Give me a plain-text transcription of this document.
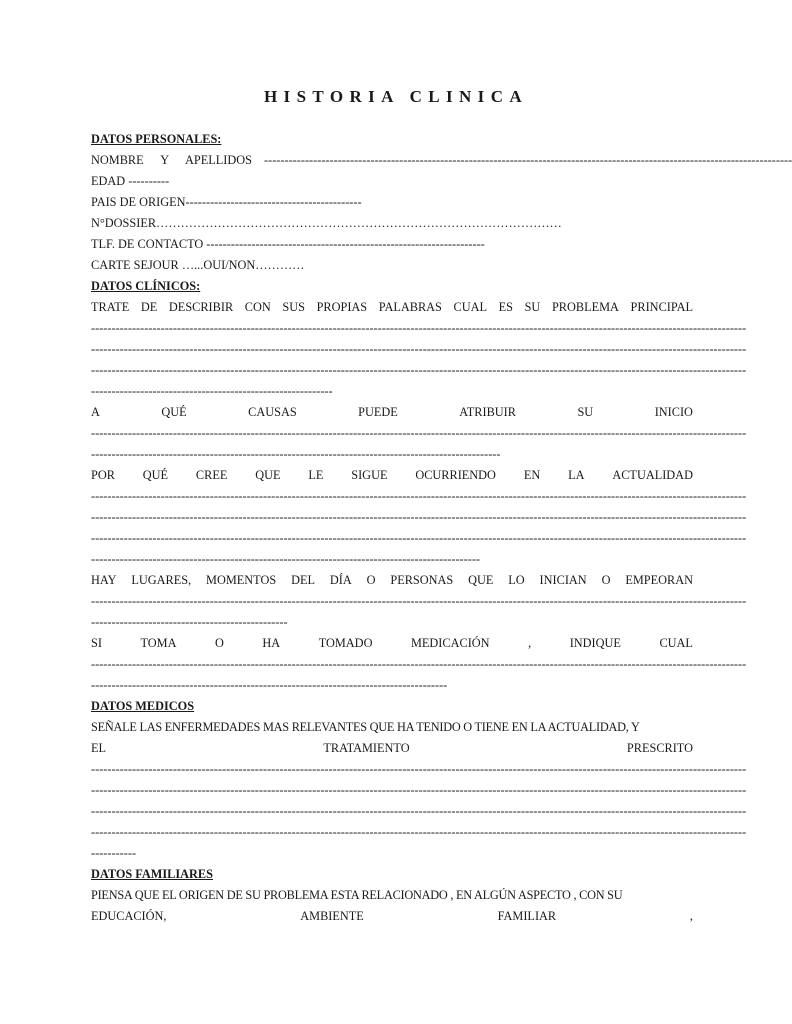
HISTORIA CLINICA
DATOS PERSONALES:
NOMBRE Y APELLIDOS ---------------------------------------------------------------------------------------------------------------------------------
EDAD ----------
PAIS DE ORIGEN-------------------------------------------
N°DOSSIER………………………………………………………………………………………
TLF. DE CONTACTO --------------------------------------------------------------------
CARTE SEJOUR …...OUI/NON…………
DATOS CLÍNICOS:
TRATE DE DESCRIBIR CON SUS PROPIAS PALABRAS CUAL ES SU PROBLEMA PRINCIPAL
----------------------------------------------------------------------------------------------------------------------------------------------------------------
----------------------------------------------------------------------------------------------------------------------------------------------------------------
----------------------------------------------------------------------------------------------------------------------------------------------------------------
-----------------------------------------------------------
A	QUÉ	CAUSAS	PUEDE	ATRIBUIR	SU	INICIO
----------------------------------------------------------------------------------------------------------------------------------------------------------------
----------------------------------------------------------------------------------------------------
POR QUÉ CREE QUE LE SIGUE OCURRIENDO EN LA ACTUALIDAD
----------------------------------------------------------------------------------------------------------------------------------------------------------------
----------------------------------------------------------------------------------------------------------------------------------------------------------------
----------------------------------------------------------------------------------------------------------------------------------------------------------------
-----------------------------------------------------------------------------------------------
HAY LUGARES, MOMENTOS DEL DÍA O PERSONAS QUE LO INICIAN O EMPEORAN
----------------------------------------------------------------------------------------------------------------------------------------------------------------
------------------------------------------------
SI	TOMA	O	HA	TOMADO	MEDICACIÓN	,	INDIQUE	CUAL
----------------------------------------------------------------------------------------------------------------------------------------------------------------
---------------------------------------------------------------------------------------
DATOS MEDICOS
SEÑALE LAS ENFERMEDADES MAS RELEVANTES QUE HA TENIDO O TIENE EN LA ACTUALIDAD, Y
EL	TRATAMIENTO	PRESCRITO
----------------------------------------------------------------------------------------------------------------------------------------------------------------
----------------------------------------------------------------------------------------------------------------------------------------------------------------
----------------------------------------------------------------------------------------------------------------------------------------------------------------
----------------------------------------------------------------------------------------------------------------------------------------------------------------
-----------
DATOS FAMILIARES
PIENSA QUE EL ORIGEN DE SU PROBLEMA ESTA RELACIONADO , EN ALGÚN ASPECTO , CON SU
EDUCACIÓN,	AMBIENTE	FAMILIAR	,
